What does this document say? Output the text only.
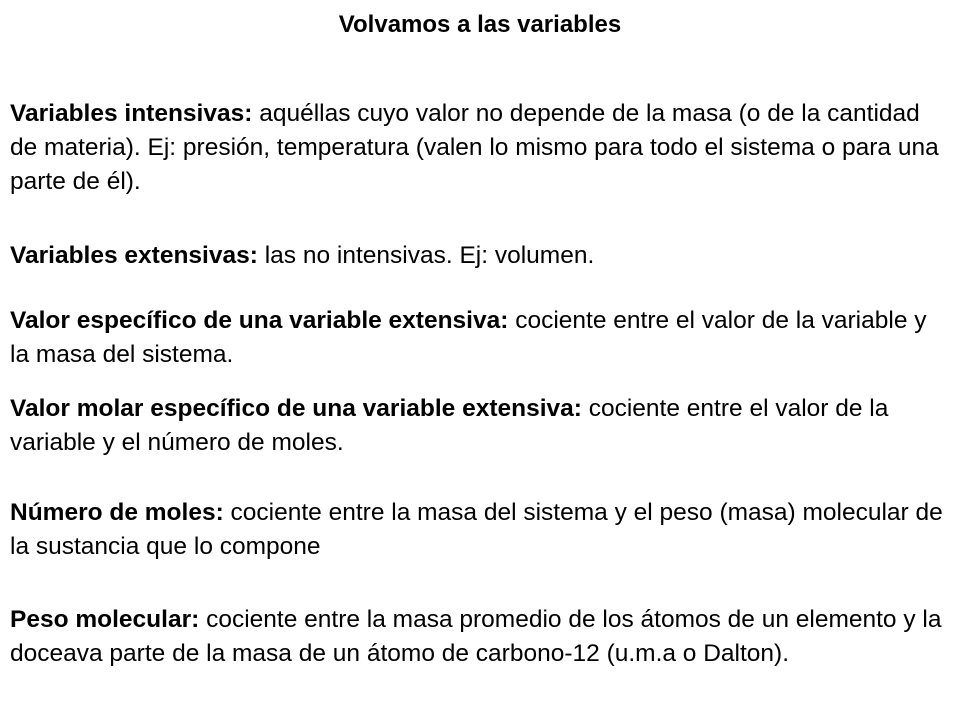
Volvamos a las variables

Variables intensivas: aquéllas cuyo valor no depende de la masa (o de la cantidad de materia). Ej: presión, temperatura (valen lo mismo para todo el sistema o para una parte de él).

Variables extensivas: las no intensivas. Ej: volumen.

Valor específico de una variable extensiva: cociente entre el valor de la variable y la masa del sistema.

Valor molar específico de una variable extensiva: cociente entre el valor de la variable y el número de moles.

Número de moles: cociente entre la masa del sistema y el peso (masa) molecular de la sustancia que lo compone

Peso molecular: cociente entre la masa promedio de los átomos de un elemento y la doceava parte de la masa de un átomo de carbono-12 (u.m.a o Dalton).
